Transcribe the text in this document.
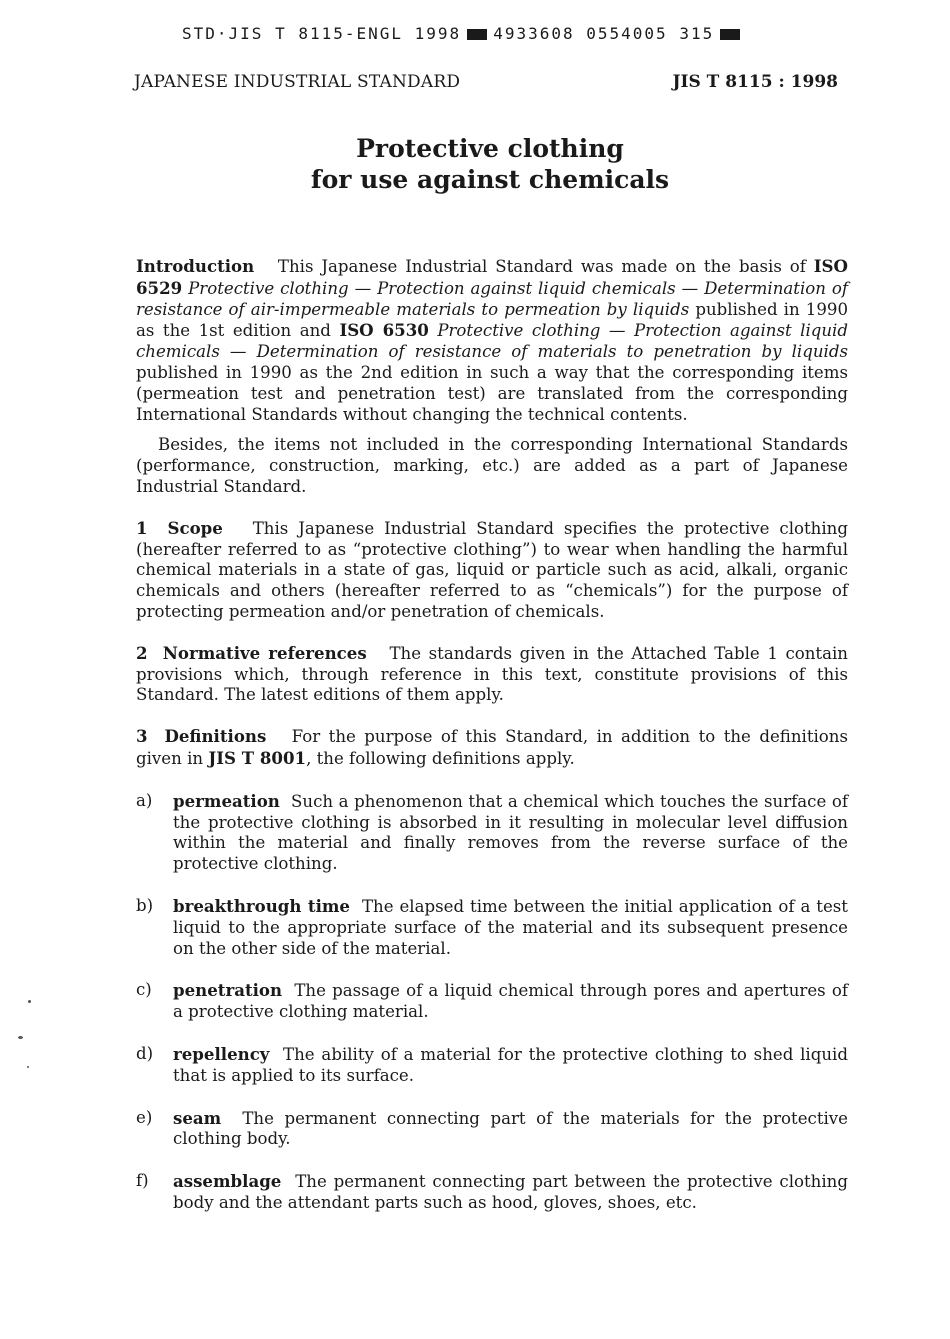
STD·JIS T 8115-ENGL 1998 4933608 0554005 315
JAPANESE INDUSTRIAL STANDARD	JIS T 8115 : 1998
Protective clothing
for use against chemicals

Introduction This Japanese Industrial Standard was made on the basis of ISO 6529 Protective clothing — Protection against liquid chemicals — Determination of resistance of air-impermeable materials to permeation by liquids published in 1990 as the 1st edition and ISO 6530 Protective clothing — Protection against liquid chemicals — Determination of resistance of materials to penetration by liquids published in 1990 as the 2nd edition in such a way that the corresponding items (permeation test and penetration test) are translated from the corresponding International Standards without changing the technical contents.

Besides, the items not included in the corresponding International Standards (performance, construction, marking, etc.) are added as a part of Japanese Industrial Standard.

1 Scope This Japanese Industrial Standard specifies the protective clothing (hereafter referred to as “protective clothing”) to wear when handling the harmful chemical materials in a state of gas, liquid or particle such as acid, alkali, organic chemicals and others (hereafter referred to as “chemicals”) for the purpose of protecting permeation and/or penetration of chemicals.

2 Normative references The standards given in the Attached Table 1 contain provisions which, through reference in this text, constitute provisions of this Standard. The latest editions of them apply.

3 Definitions For the purpose of this Standard, in addition to the definitions given in JIS T 8001, the following definitions apply.

a)	permeation Such a phenomenon that a chemical which touches the surface of the protective clothing is absorbed in it resulting in molecular level diffusion within the material and finally removes from the reverse surface of the protective clothing.
b)	breakthrough time The elapsed time between the initial application of a test liquid to the appropriate surface of the material and its subsequent presence on the other side of the material.
c)	penetration The passage of a liquid chemical through pores and apertures of a protective clothing material.
d)	repellency The ability of a material for the protective clothing to shed liquid that is applied to its surface.
e)	seam The permanent connecting part of the materials for the protective clothing body.
f)	assemblage The permanent connecting part between the protective clothing body and the attendant parts such as hood, gloves, shoes, etc.
